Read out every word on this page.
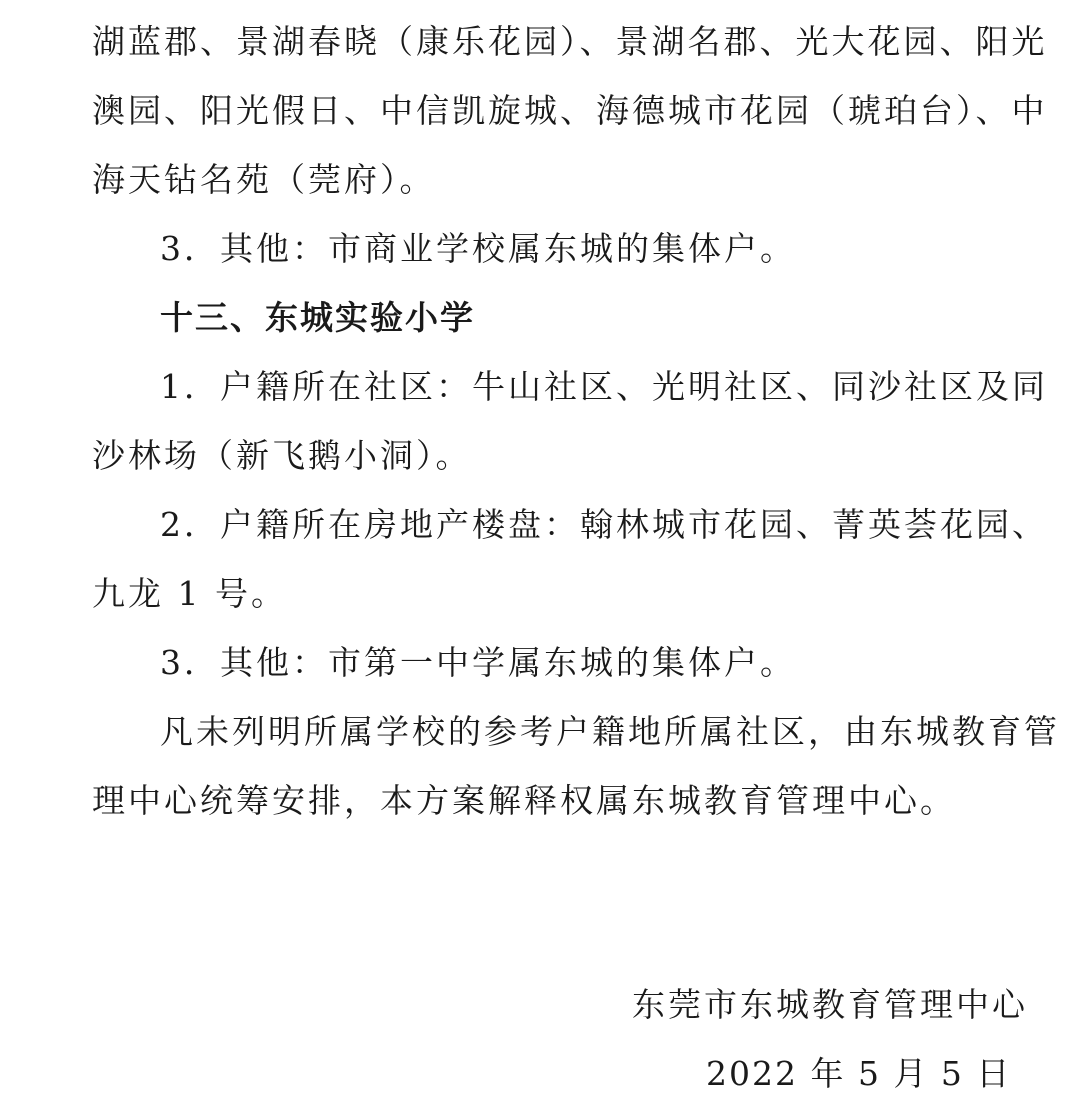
湖蓝郡、景湖春晓（康乐花园）、景湖名郡、光大花园、阳光
澳园、阳光假日、中信凯旋城、海德城市花园（琥珀台）、中
海天钻名苑（莞府）。
3．其他：市商业学校属东城的集体户。
十三、东城实验小学
1．户籍所在社区：牛山社区、光明社区、同沙社区及同
沙林场（新飞鹅小洞）。
2．户籍所在房地产楼盘：翰林城市花园、菁英荟花园、
九龙 1 号。
3．其他：市第一中学属东城的集体户。
凡未列明所属学校的参考户籍地所属社区，由东城教育管
理中心统筹安排，本方案解释权属东城教育管理中心。
东莞市东城教育管理中心
2022 年 5 月 5 日
